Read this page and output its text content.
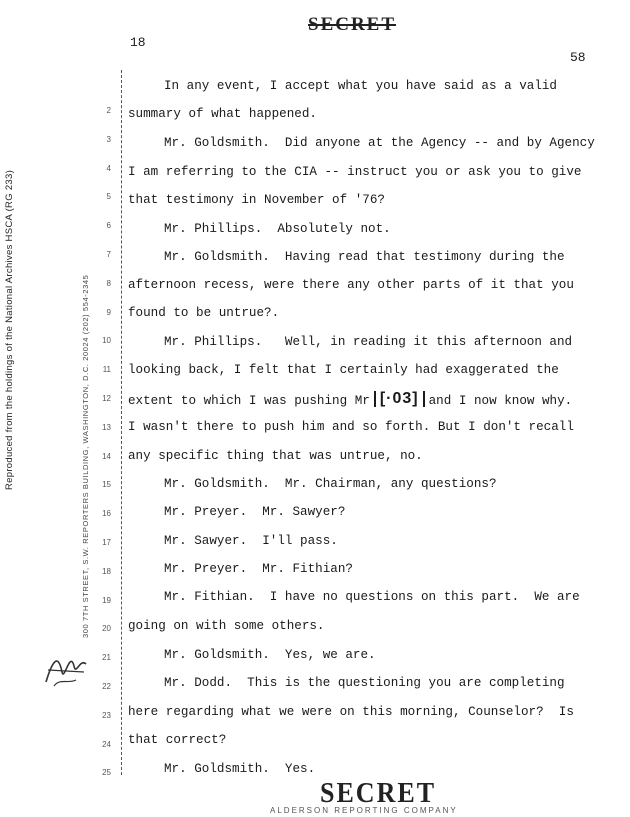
Reproduced from the holdings of the National Archives HSCA (RG 233)	300 7TH STREET, S.W. REPORTERS BUILDING, WASHINGTON, D.C. 20024 (202) 554-2345
SECRET
18
58
2
3
4
5
6
7
8
9
10
11
12
13
14
15
16
17
18
19
20
21
22
23
24
25
In any event, I accept what you have said as a valid
summary of what happened.
Mr. Goldsmith.  Did anyone at the Agency -- and by Agency
I am referring to the CIA -- instruct you or ask you to give
that testimony in November of '76?
Mr. Phillips.  Absolutely not.
Mr. Goldsmith.  Having read that testimony during the
afternoon recess, were there any other parts of it that you
found to be untrue?.
Mr. Phillips.   Well, in reading it this afternoon and
looking back, I felt that I certainly had exaggerated the
extent to which I was pushing Mr [·03] and I now know why.
I wasn't there to push him and so forth. But I don't recall
any specific thing that was untrue, no.
Mr. Goldsmith.  Mr. Chairman, any questions?
Mr. Preyer.  Mr. Sawyer?
Mr. Sawyer.  I'll pass.
Mr. Preyer.  Mr. Fithian?
Mr. Fithian.  I have no questions on this part.  We are
going on with some others.
Mr. Goldsmith.  Yes, we are.
Mr. Dodd.  This is the questioning you are completing
here regarding what we were on this morning, Counselor?  Is
that correct?
Mr. Goldsmith.  Yes.
SECRET
ALDERSON REPORTING COMPANY
